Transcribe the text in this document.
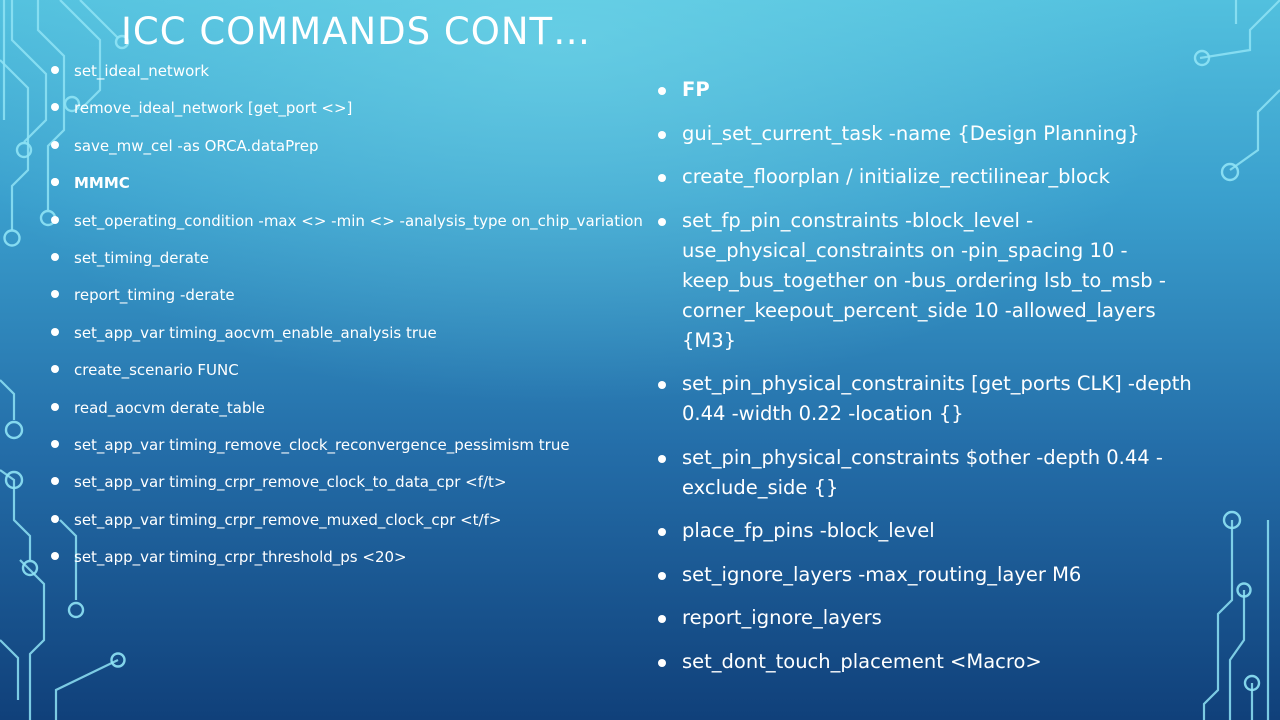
ICC COMMANDS CONT…
set_ideal_network
remove_ideal_network [get_port <>]
save_mw_cel -as ORCA.dataPrep
MMMC
set_operating_condition -max <> -min <> -analysis_type on_chip_variation
set_timing_derate
report_timing -derate
set_app_var timing_aocvm_enable_analysis true
create_scenario FUNC
read_aocvm derate_table
set_app_var timing_remove_clock_reconvergence_pessimism true
set_app_var timing_crpr_remove_clock_to_data_cpr <f/t>
set_app_var timing_crpr_remove_muxed_clock_cpr <t/f>
set_app_var timing_crpr_threshold_ps <20>
FP
gui_set_current_task -name {Design Planning}
create_floorplan / initialize_rectilinear_block
set_fp_pin_constraints -block_level -use_physical_constraints on -pin_spacing 10 -keep_bus_together on -bus_ordering lsb_to_msb -corner_keepout_percent_side 10 -allowed_layers {M3}
set_pin_physical_constrainits [get_ports CLK] -depth 0.44 -width 0.22 -location {}
set_pin_physical_constraints $other -depth 0.44 -exclude_side {}
place_fp_pins -block_level
set_ignore_layers -max_routing_layer M6
report_ignore_layers
set_dont_touch_placement <Macro>
